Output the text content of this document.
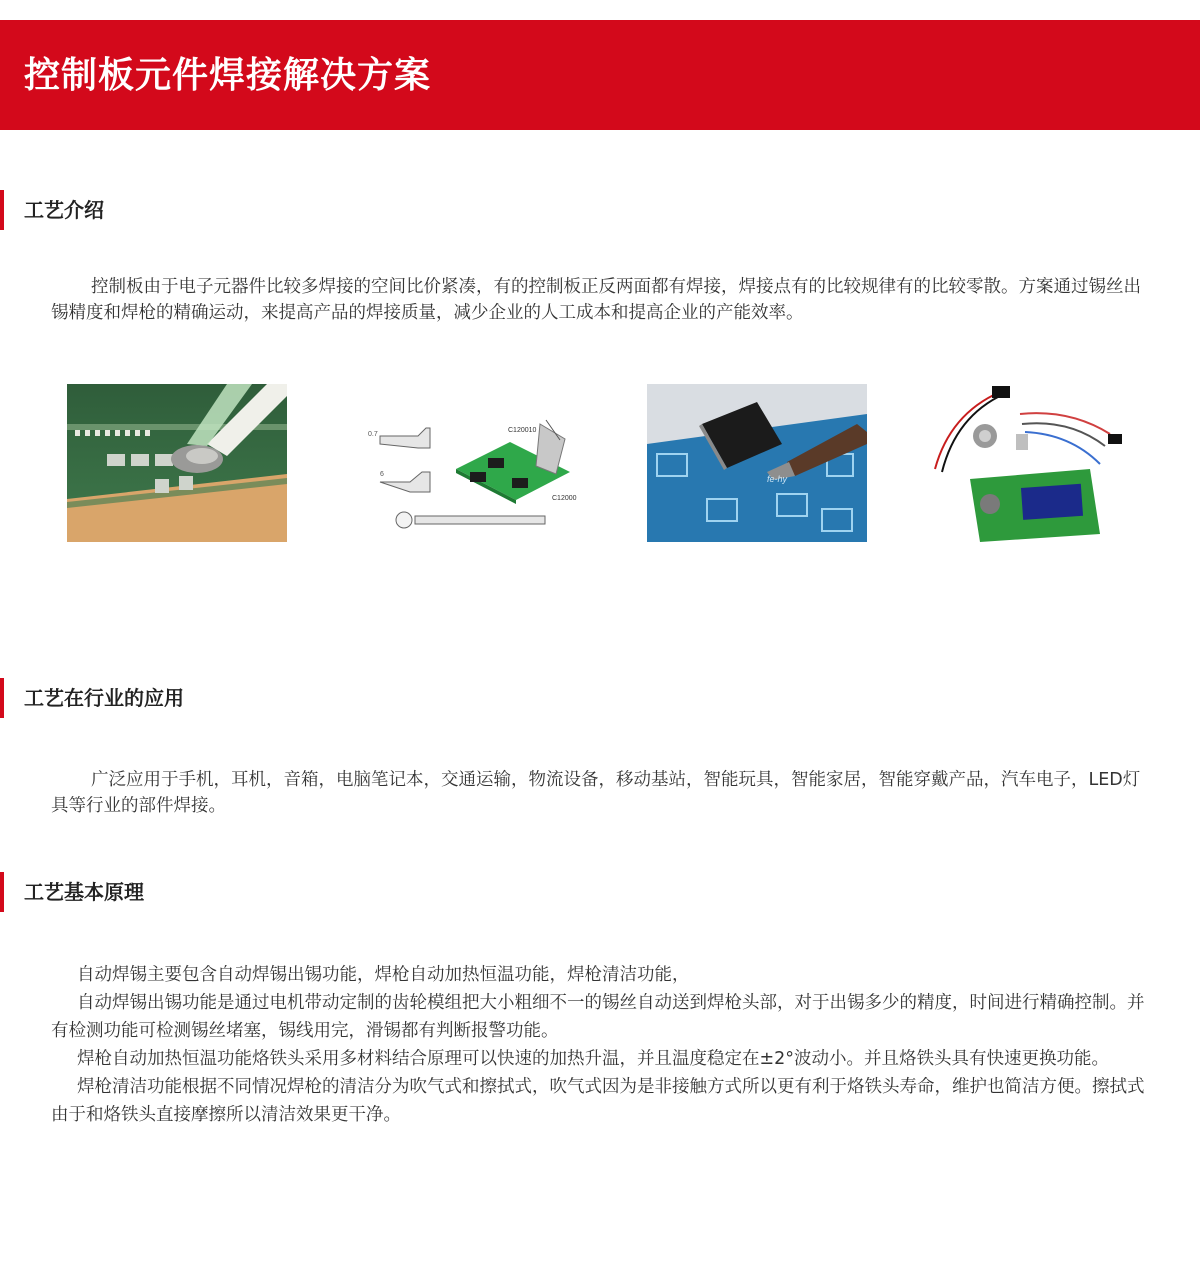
控制板元件焊接解决方案
工艺介绍

控制板由于电子元器件比较多焊接的空间比价紧凑，有的控制板正反两面都有焊接，焊接点有的比较规律有的比较零散。方案通过锡丝出锡精度和焊枪的精确运动，来提高产品的焊接质量，减少企业的人工成本和提高企业的产能效率。

0.7
6
C120010
C12000
fe-hy
工艺在行业的应用

广泛应用于手机，耳机，音箱，电脑笔记本，交通运输，物流设备，移动基站，智能玩具，智能家居，智能穿戴产品，汽车电子，LED灯具等行业的部件焊接。

工艺基本原理
自动焊锡主要包含自动焊锡出锡功能，焊枪自动加热恒温功能，焊枪清洁功能，
自动焊锡出锡功能是通过电机带动定制的齿轮模组把大小粗细不一的锡丝自动送到焊枪头部，对于出锡多少的精度，时间进行精确控制。并有检测功能可检测锡丝堵塞，锡线用完，滑锡都有判断报警功能。
焊枪自动加热恒温功能烙铁头采用多材料结合原理可以快速的加热升温，并且温度稳定在±2°波动小。并且烙铁头具有快速更换功能。
焊枪清洁功能根据不同情况焊枪的清洁分为吹气式和擦拭式，吹气式因为是非接触方式所以更有利于烙铁头寿命，维护也简洁方便。擦拭式由于和烙铁头直接摩擦所以清洁效果更干净。
